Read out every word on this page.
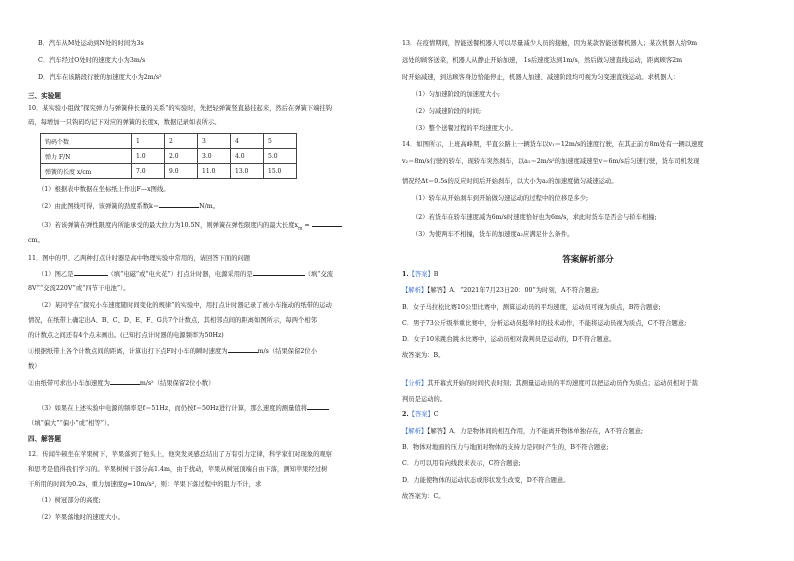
B．汽车从M处运动到N处的时间为3s
C．汽车经过O处时的速度大小为3m/s
D．汽车在该路段行驶的加速度大小为2m/s²
三、实验题
10．某实验小组做“探究弹力与弹簧伸长量的关系”的实验时，先把轻弹簧竖直悬挂起来，然后在弹簧下端挂钩
码，每增加一只钩码均记下对应的弹簧的长度x，数据记录如表所示。
钩码个数	1	2	3	4	5
弹力 F/N	1.0	2.0	3.0	4.0	5.0
弹簧的长度 x/cm	7.0	9.0	11.0	13.0	15.0
（1）根据表中数据在坐标纸上作出F—x图线。
（2）由此图线可得，该弹簧的劲度系数k＝	N/m。
（3）若该弹簧在弹性限度内所能承受的最大拉力为10.5N，则弹簧在弹性限度内的最大长度$x_m$ =
cm。
11．图中的甲、乙两种打点计时器是高中物理实验中常用的，请回答下面的问题
（1）图乙是	（填“电磁”或“电火花”）打点计时器，电源采用的是	（填“交流
8V”“交流220V”或“四节干电池”）。
（2）某同学在“探究小车速度随时间变化的规律”的实验中，用打点计时器记录了被小车拖动的纸带的运动
情况，在纸带上确定出A、B、C、D、E、F、G共7个计数点，其相邻点间的距离如图所示，每两个相邻
的计数点之间还有4个点未画出。(已知打点计时器的电源频率为50Hz)
①根据纸带上各个计数点间的距离，计算出打下点F时小车的瞬时速度为	m/s（结果保留2位小
数）
②由纸带可求出小车加速度为	m/s²（结果保留2位小数）
（3）如果在上述实验中电源的频率是f＝51Hz，而仍按f＝50Hz进行计算，那么速度的测量值将
（填“偏大”“偏小”或“相等”）。
四、解答题
12．传闻牛顿坐在苹果树下，苹果落到了他头上，他突发灵感总结出了万有引力定律，科学家们对现象的观察
和思考是值得我们学习的。苹果树树干部分高1.4m，由于扰动，苹果从树冠顶端自由下落，测知苹果经过树
干所用的时间为0.2s，重力加速度g=10m/s²，则：苹果下落过程中的阻力不计，求
（1）树冠部分的高度;
（2）苹果落地时的速度大小。
13．在疫情期间，智能送餐机器人可以尽量减少人员的接触，因为某款智能送餐机器人；某次机器人给9m
远处的顾客送菜，机器人从静止开始加速， 1s后速度达到1m/s，然后做匀速直线运动，距离顾客2m
时开始减速，到达顾客身边恰能停止，机器人加速、减速阶段均可视为匀变速直线运动。求机器人：
（1）匀加速阶段的加速度大小;
（2）匀减速阶段的时间;
（3）整个送餐过程的平均速度大小。
14．如图所示，上班高峰期，平直公路上一辆货车以v₁＝12m/s的速度行驶，在其正前方8m处有一辆以速度
v₂＝8m/s行驶的轿车，现轿车突然刹车，以a₁＝2m/s²的加速度减速至v＝6m/s后匀速行驶，货车司机发现
情况经Δt＝0.5s的反应时间后开始刹车，以大小为a₂的加速度做匀减速运动。
（1）轿车从开始刹车到开始做匀速运动的过程中的位移是多少;
（2）若货车在轿车速度减为6m/s时速度恰好也为6m/s，求此时货车是否会与轿车相撞;
（3）为使两车不相撞，货车的加速度a₂应满足什么条件。
答案解析部分
1.【答案】B
【解析】【解答】A．“2021年7月23日20：00”为时刻，A不符合题意;
B．女子马拉松比赛10公里比赛中，测算运动员的平均速度，运动员可视为质点，B符合题意;
C．男子73公斤级举重比赛中，分析运动员挺举时的技术动作，不能将运动员视为质点，C不符合题意;
D．女子10米跳台跳水比赛中，运动员相对裁判员是运动的，D不符合题意。
故答案为：B。
【分析】其开幕式开始的时间代表时刻；其测量运动员的平均速度可以把运动员作为质点；运动员相对于裁
判员是运动的。
2.【答案】C
【解析】【解答】A．力是物体间的相互作用，力不能离开物体单独存在，A不符合题意;
B．物体对地面的压力与地面对物体的支持力是同时产生的，B不符合题意;
C．力可以用有向线段来表示，C符合题意;
D．力能使物体的运动状态或形状发生改变，D不符合题意。
故答案为：C。
